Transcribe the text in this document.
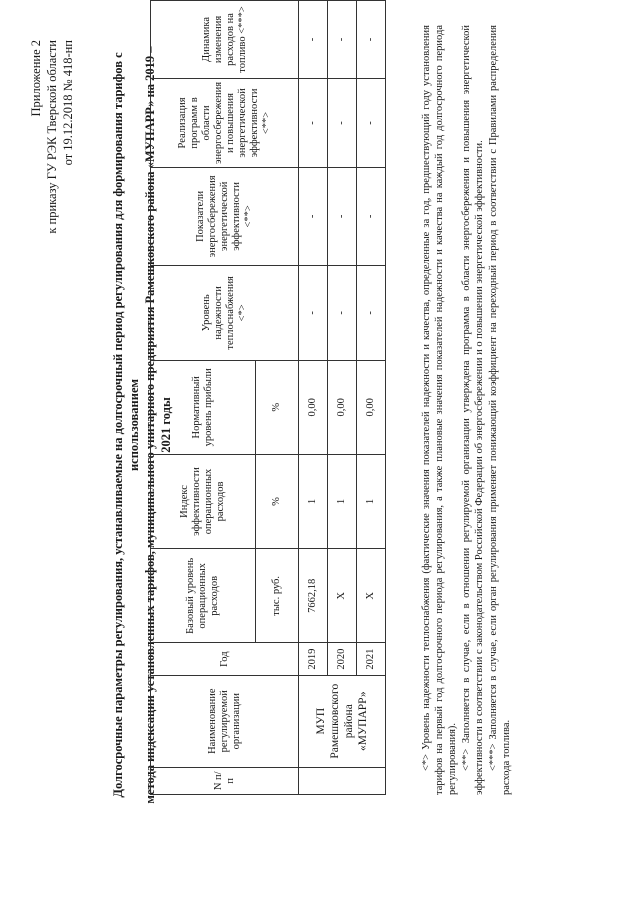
Приложение 2 к приказу ГУ РЭК Тверской области от 19.12.2018 № 418-нп	Долгосрочные параметры регулирования, устанавливаемые на долгосрочный период регулирования для формирования тарифов с использованием метода индексации установленных тарифов, муниципального унитарного предприятия Рамешковского района «МУПАРР» на 2019 – 2021 годы
N п/п	Наименование регулируемой организации	Год	Базовый уровень операционных расходов	Индекс эффективности операционных расходов	Нормативный уровень прибыли	Уровень надежности теплоснабжения <*>	Показатели энергосбережения энергетической эффективности <**>	Реализация программ в области энергосбережения и повышения энергетической эффективности <**>	Динамика изменения расходов на топливо <***>
			тыс. руб.	%	%				
	МУП Рамешковского района «МУПАРР»	2019	7662,18	1	0,00	-	-	-	-
		2020	X	1	0,00	-	-	-	-
		2021	X	1	0,00	-	-	-	-	<*> Уровень надежности теплоснабжения (фактические значения показателей надежности и качества, определенные за год, предшествующий году установления тарифов на первый год долгосрочного периода регулирования, а также плановые значения показателей надежности и качества на каждый год долгосрочного периода регулирования). <**> Заполняется в случае, если в отношении регулируемой организации утверждена программа в области энергосбережения и повышения энергетической эффективности в соответствии с законодательством Российской Федерации об энергосбережении и о повышении энергетической эффективности. <***> Заполняется в случае, если орган регулирования применяет понижающий коэффициент на переходный период в соответствии с Правилами распределения расхода топлива.
